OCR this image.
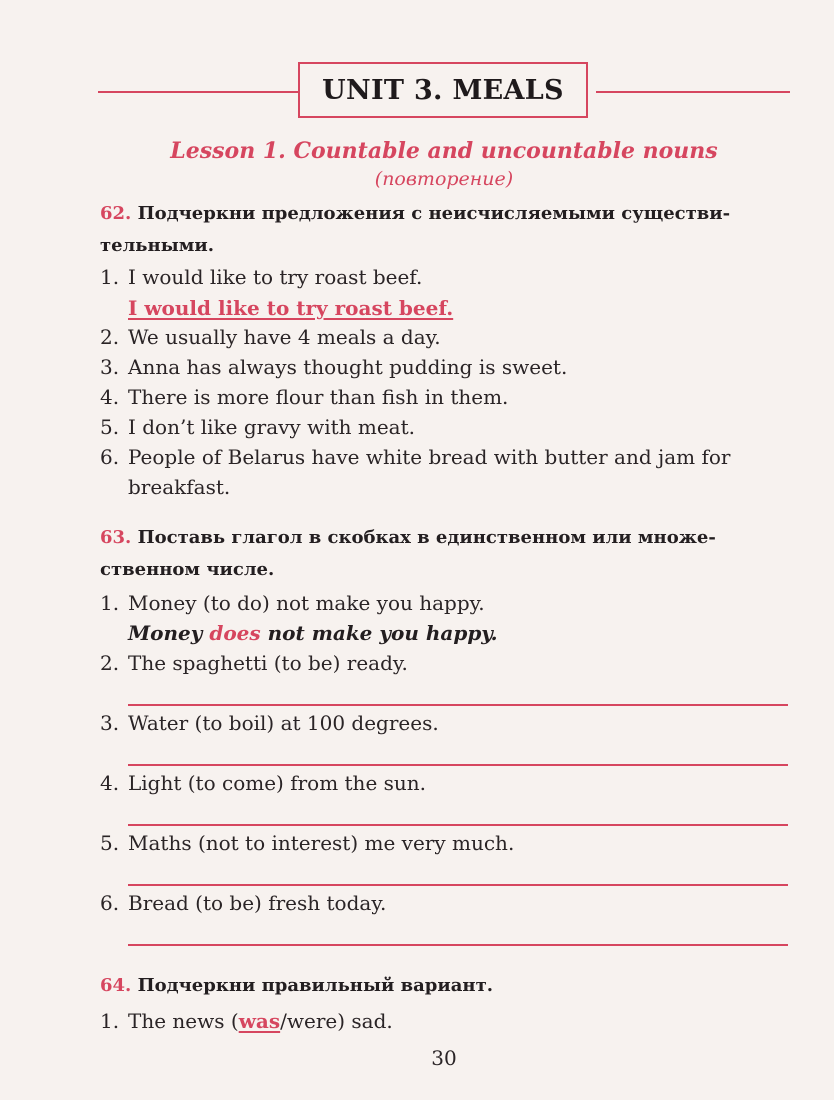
UNIT 3. MEALS
Lesson 1. Countable and uncountable nouns
(повторение)
62. Подчеркни предложения с неисчисляемыми существи-
тельными.
1. I would like to try roast beef.
I would like to try roast beef.
2. We usually have 4 meals a day.
3. Anna has always thought pudding is sweet.
4. There is more flour than fish in them.
5. I don’t like gravy with meat.
6. People of Belarus have white bread with butter and jam for
breakfast.
63. Поставь глагол в скобках в единственном или множе-
ственном числе.
1. Money (to do) not make you happy.
Money does not make you happy.
2. The spaghetti (to be) ready.
3. Water (to boil) at 100 degrees.
4. Light (to come) from the sun.
5. Maths (not to interest) me very much.
6. Bread (to be) fresh today.
64. Подчеркни правильный вариант.
1. The news (was/were) sad.
30
